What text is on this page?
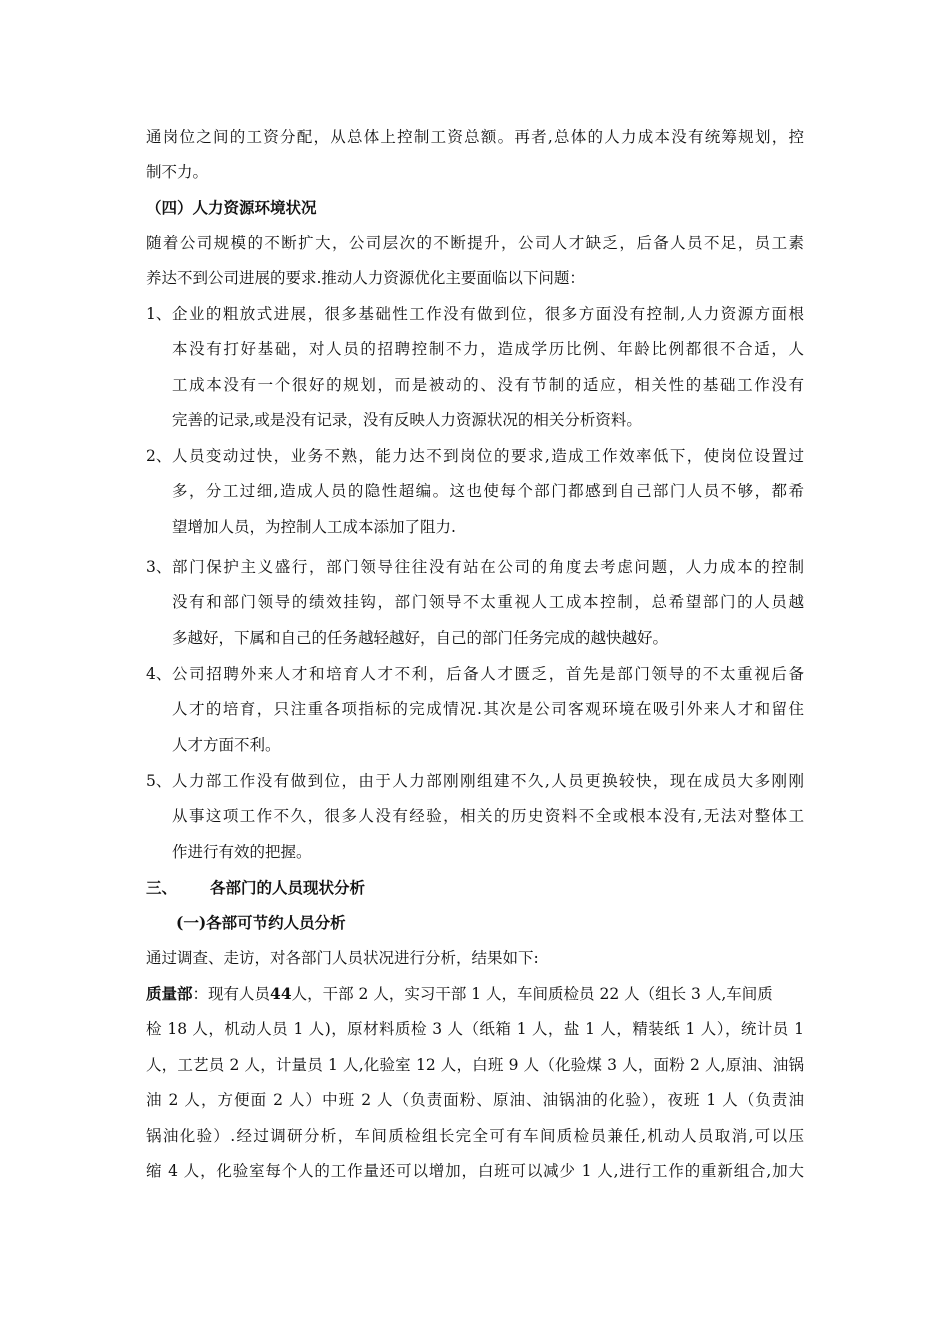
通岗位之间的工资分配，从总体上控制工资总额。再者,总体的人力成本没有统筹规划，控
制不力。
（四）人力资源环境状况
随着公司规模的不断扩大，公司层次的不断提升，公司人才缺乏，后备人员不足，员工素
养达不到公司进展的要求.推动人力资源优化主要面临以下问题：
1、 企业的粗放式进展，很多基础性工作没有做到位，很多方面没有控制,人力资源方面根
本没有打好基础，对人员的招聘控制不力，造成学历比例、年龄比例都很不合适，人
工成本没有一个很好的规划，而是被动的、没有节制的适应，相关性的基础工作没有
完善的记录,或是没有记录，没有反映人力资源状况的相关分析资料。
2、 人员变动过快，业务不熟，能力达不到岗位的要求,造成工作效率低下，使岗位设置过
多，分工过细,造成人员的隐性超编。这也使每个部门都感到自己部门人员不够，都希
望增加人员，为控制人工成本添加了阻力.
3、 部门保护主义盛行，部门领导往往没有站在公司的角度去考虑问题，人力成本的控制
没有和部门领导的绩效挂钩，部门领导不太重视人工成本控制，总希望部门的人员越
多越好，下属和自己的任务越轻越好，自己的部门任务完成的越快越好。
4、 公司招聘外来人才和培育人才不利，后备人才匮乏，首先是部门领导的不太重视后备
人才的培育，只注重各项指标的完成情况.其次是公司客观环境在吸引外来人才和留住
人才方面不利。
5、 人力部工作没有做到位，由于人力部刚刚组建不久,人员更换较快，现在成员大多刚刚
从事这项工作不久，很多人没有经验，相关的历史资料不全或根本没有,无法对整体工
作进行有效的把握。
三、 各部门的人员现状分析
(一)各部可节约人员分析
通过调查、走访，对各部门人员状况进行分析，结果如下:
质量部：现有人员44人，干部 2 人，实习干部 1 人，车间质检员 22 人（组长 3 人,车间质
检 18 人，机动人员 1 人)，原材料质检 3 人（纸箱 1 人，盐 1 人，精装纸 1 人），统计员 1
人，工艺员 2 人，计量员 1 人,化验室 12 人，白班 9 人（化验煤 3 人，面粉 2 人,原油、油锅
油 2 人，方便面 2 人）中班 2 人（负责面粉、原油、油锅油的化验），夜班 1 人（负责油
锅油化验）.经过调研分析，车间质检组长完全可有车间质检员兼任,机动人员取消,可以压
缩 4 人，化验室每个人的工作量还可以增加，白班可以减少 1 人,进行工作的重新组合,加大
